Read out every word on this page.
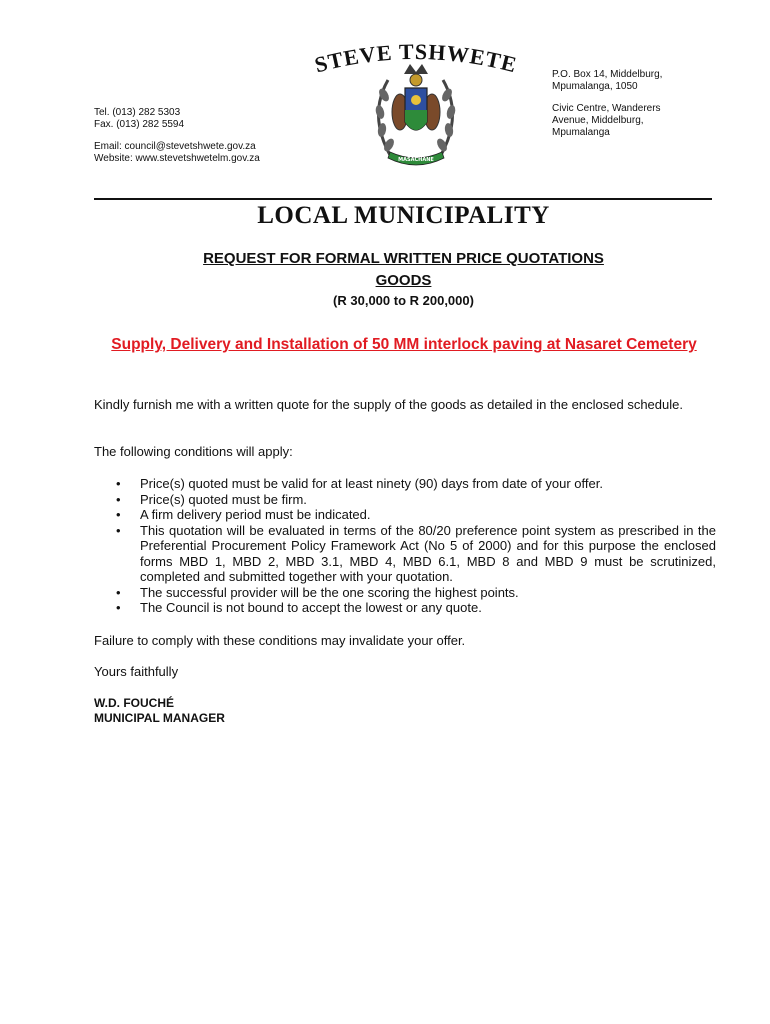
Tel. (013) 282 5303
Fax. (013) 282 5594
Email: council@stevetshwete.gov.za
Website: www.stevetshwetelm.gov.za
P.O. Box 14, Middelburg,
Mpumalanga, 1050
Civic Centre, Wanderers
Avenue, Middelburg,
Mpumalanga
STEVE TSHWETE
MASACHANE
LOCAL MUNICIPALITY
REQUEST FOR FORMAL WRITTEN PRICE QUOTATIONS
GOODS
(R 30,000 to R 200,000)
Supply, Delivery and Installation of 50 MM interlock paving at Nasaret Cemetery
Kindly furnish me with a written quote for the supply of the goods as detailed in the enclosed schedule.
The following conditions will apply:
• Price(s) quoted must be valid for at least ninety (90) days from date of your offer.
• Price(s) quoted must be firm.
• A firm delivery period must be indicated.
• This quotation will be evaluated in terms of the 80/20 preference point system as prescribed in the Preferential Procurement Policy Framework Act (No 5 of 2000) and for this purpose the enclosed forms MBD 1, MBD 2, MBD 3.1, MBD 4, MBD 6.1, MBD 8 and MBD 9 must be scrutinized, completed and submitted together with your quotation.
• The successful provider will be the one scoring the highest points.
• The Council is not bound to accept the lowest or any quote.
Failure to comply with these conditions may invalidate your offer.
Yours faithfully
W.D. FOUCHÉ
MUNICIPAL MANAGER
